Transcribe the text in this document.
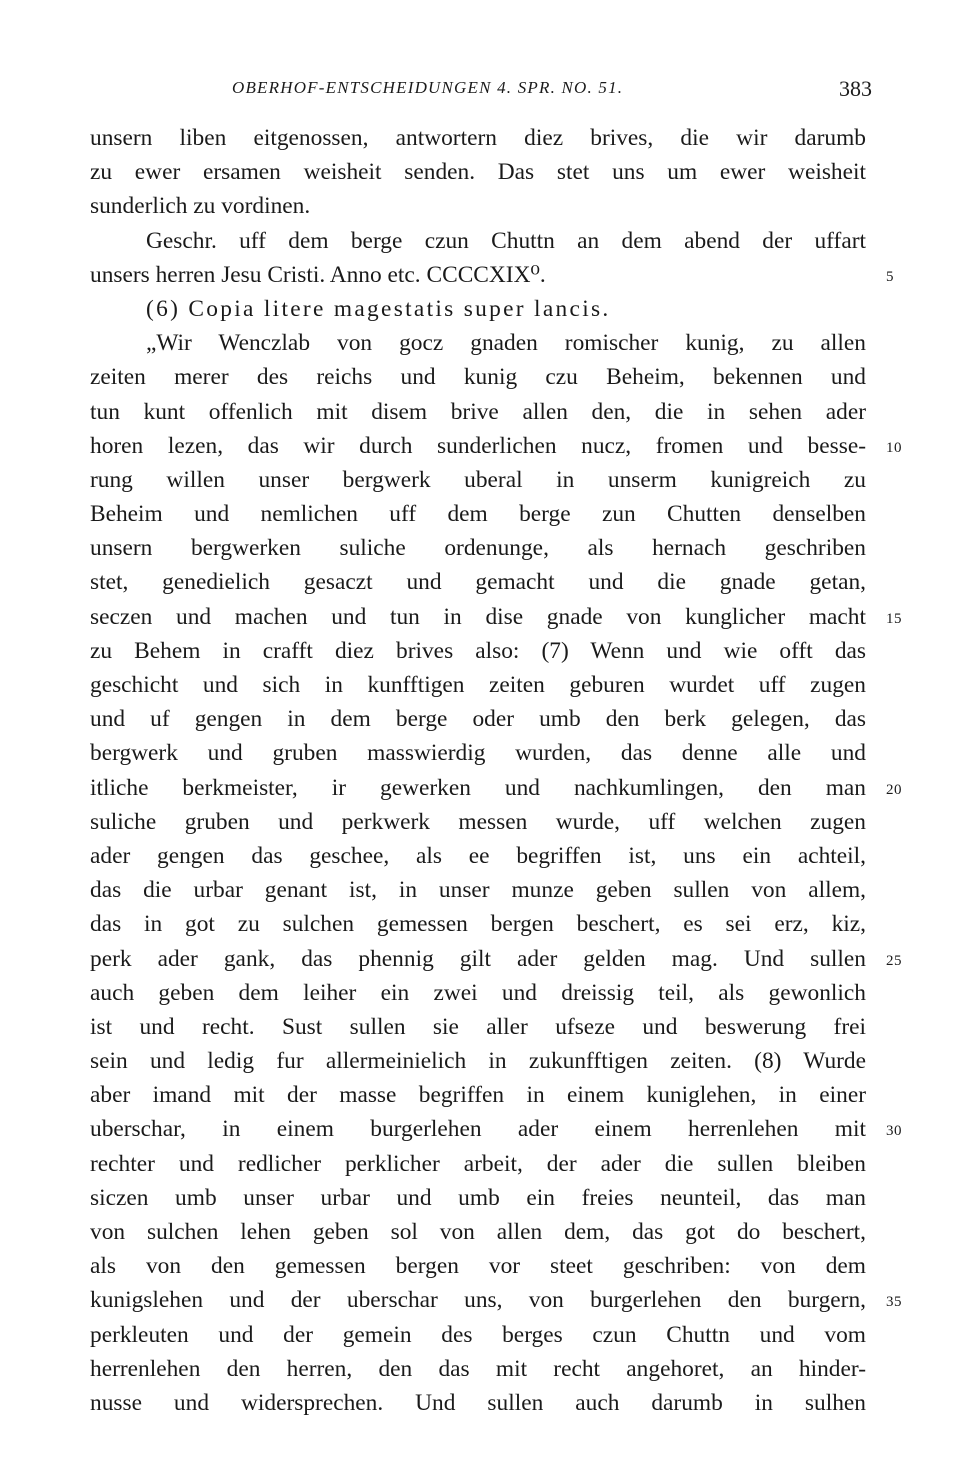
OBERHOF-ENTSCHEIDUNGEN 4. SPR. NO. 51.	383
unsern liben eitgenossen, antwortern diez brives, die wir darumb
zu ewer ersamen weisheit senden. Das stet uns um ewer weisheit
sunderlich zu vordinen.
Geschr. uff dem berge czun Chuttn an dem abend der uffart
unsers herren Jesu Cristi. Anno etc. CCCCXIX⁰.	5
(6) Copia litere magestatis super lancis.
„Wir Wenczlab von gocz gnaden romischer kunig, zu allen
zeiten merer des reichs und kunig czu Beheim, bekennen und
tun kunt offenlich mit disem brive allen den, die in sehen ader
horen lezen, das wir durch sunderlichen nucz, fromen und besse- 10
rung willen unser bergwerk uberal in unserm kunigreich zu
Beheim und nemlichen uff dem berge zun Chutten denselben
unsern bergwerken suliche ordenunge, als hernach geschriben
stet, genedielich gesaczt und gemacht und die gnade getan,
seczen und machen und tun in dise gnade von kunglicher macht 15
zu Behem in crafft diez brives also: (7) Wenn und wie offt das
geschicht und sich in kunfftigen zeiten geburen wurdet uff zugen
und uf gengen in dem berge oder umb den berk gelegen, das
bergwerk und gruben masswierdig wurden, das denne alle und
itliche berkmeister, ir gewerken und nachkumlingen, den man 20
suliche gruben und perkwerk messen wurde, uff welchen zugen
ader gengen das geschee, als ee begriffen ist, uns ein achteil,
das die urbar genant ist, in unser munze geben sullen von allem,
das in got zu sulchen gemessen bergen beschert, es sei erz, kiz,
perk ader gank, das phennig gilt ader gelden mag. Und sullen 25
auch geben dem leiher ein zwei und dreissig teil, als gewonlich
ist und recht. Sust sullen sie aller ufseze und beswerung frei
sein und ledig fur allermeinielich in zukunfftigen zeiten. (8) Wurde
aber imand mit der masse begriffen in einem kuniglehen, in einer
uberschar, in einem burgerlehen ader einem herrenlehen mit 30
rechter und redlicher perklicher arbeit, der ader die sullen bleiben
siczen umb unser urbar und umb ein freies neunteil, das man
von sulchen lehen geben sol von allen dem, das got do beschert,
als von den gemessen bergen vor steet geschriben: von dem
kunigslehen und der uberschar uns, von burgerlehen den burgern, 35
perkleuten und der gemein des berges czun Chuttn und vom
herrenlehen den herren, den das mit recht angehoret, an hinder-
nusse und widersprechen. Und sullen auch darumb in sulhen
